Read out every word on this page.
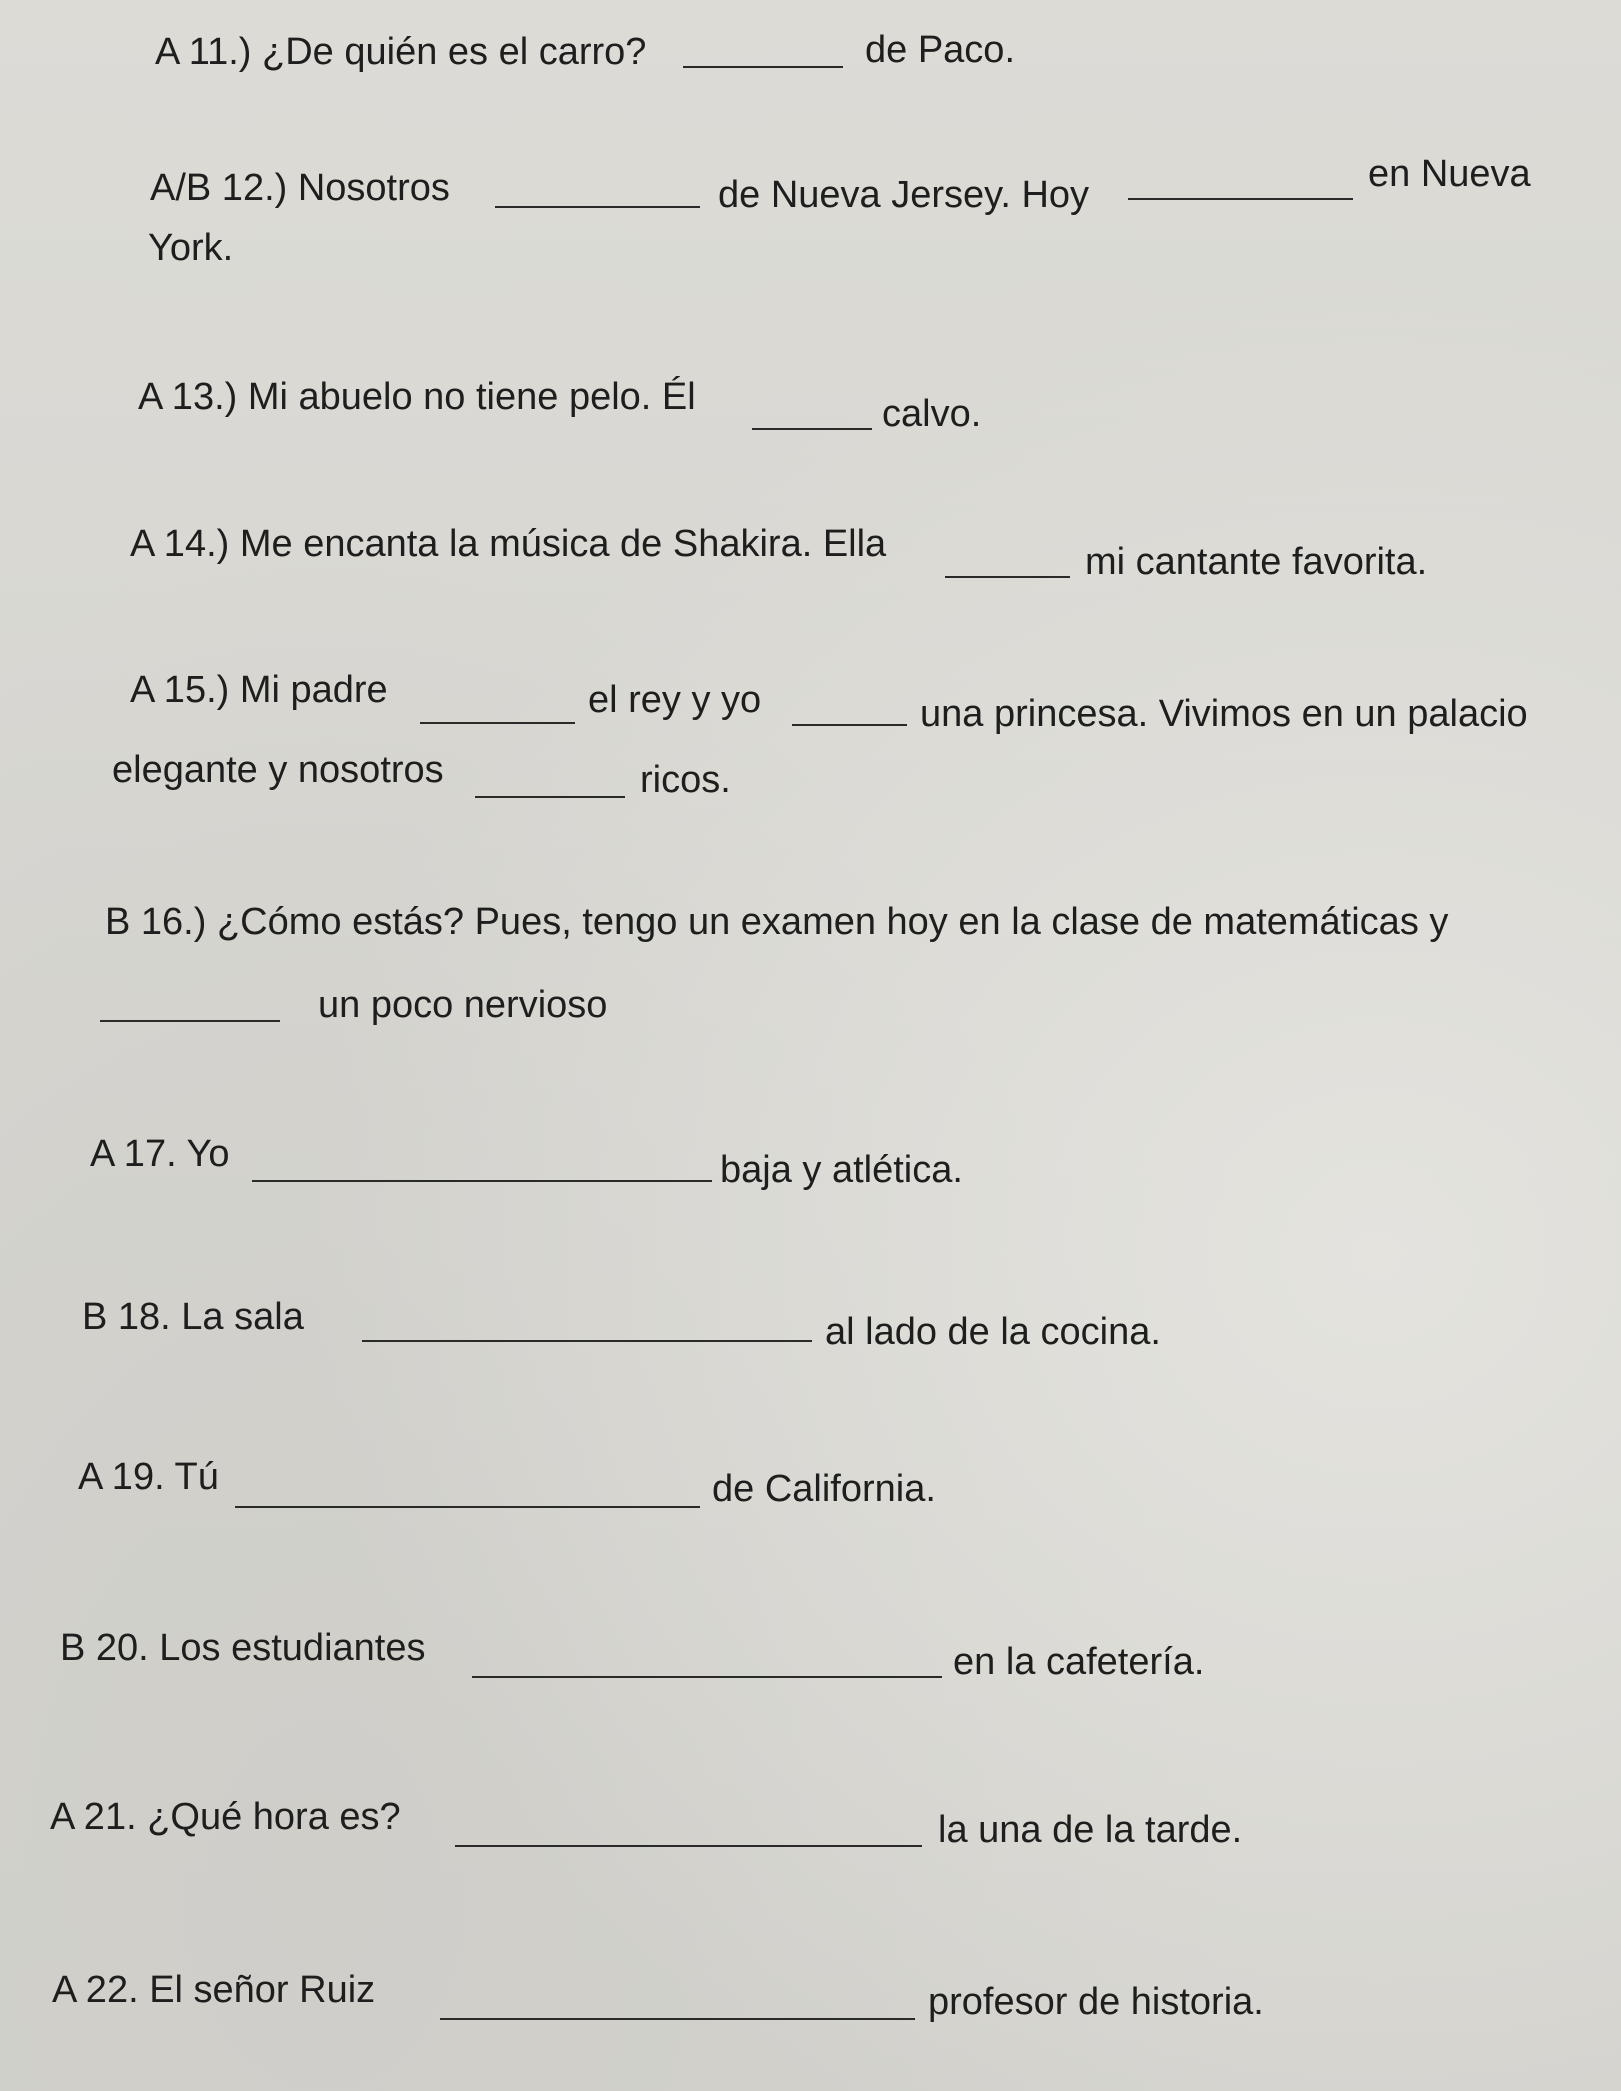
A 11.) ¿De quién es el carro?	de Paco.
A/B 12.) Nosotros	de Nueva Jersey. Hoy	en Nueva
York.
A 13.) Mi abuelo no tiene pelo. Él	calvo.
A 14.) Me encanta la música de Shakira. Ella	mi cantante favorita.
A 15.) Mi padre	el rey y yo	una princesa. Vivimos en un palacio
elegante y nosotros	ricos.
B 16.) ¿Cómo estás? Pues, tengo un examen hoy en la clase de matemáticas y
un poco nervioso
A 17. Yo	baja y atlética.
B 18. La sala	al lado de la cocina.
A 19. Tú	de California.
B 20. Los estudiantes	en la cafetería.
A 21. ¿Qué hora es?	la una de la tarde.
A 22. El señor Ruiz	profesor de historia.
